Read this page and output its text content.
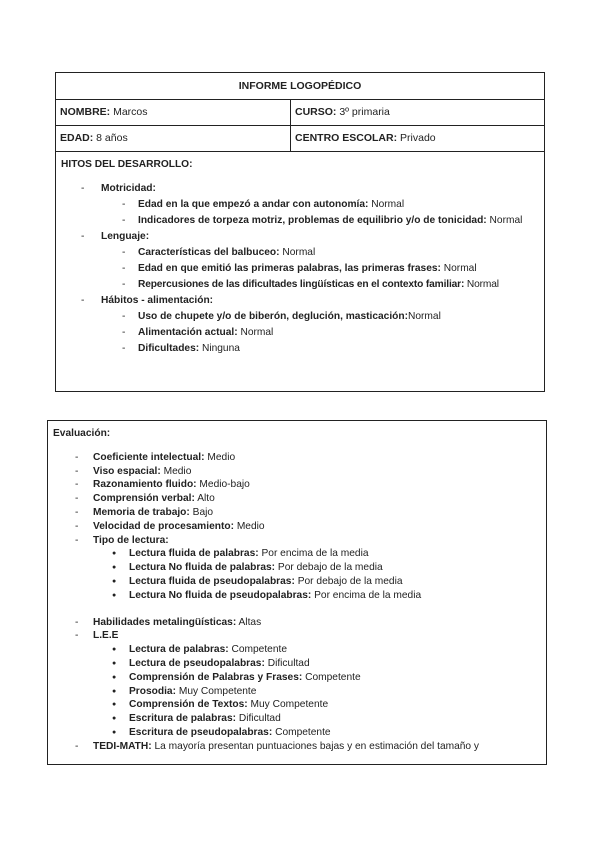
INFORME LOGOPÉDICO
NOMBRE: Marcos	CURSO: 3º primaria
EDAD: 8 años	CENTRO ESCOLAR: Privado
HITOS DEL DESARROLLO:
- Motricidad:
- Edad en la que empezó a andar con autonomía: Normal
- Indicadores de torpeza motriz, problemas de equilibrio y/o de tonicidad: Normal
- Lenguaje:
- Características del balbuceo: Normal
- Edad en que emitió las primeras palabras, las primeras frases: Normal
- Repercusiones de las dificultades lingüísticas en el contexto familiar: Normal
- Hábitos - alimentación:
- Uso de chupete y/o de biberón, deglución, masticación:Normal
- Alimentación actual: Normal
- Dificultades: Ninguna
Evaluación:
- Coeficiente intelectual: Medio
- Viso espacial: Medio
- Razonamiento fluido: Medio-bajo
- Comprensión verbal: Alto
- Memoria de trabajo: Bajo
- Velocidad de procesamiento: Medio
- Tipo de lectura:
● Lectura fluida de palabras: Por encima de la media
● Lectura No fluida de palabras: Por debajo de la media
● Lectura fluida de pseudopalabras: Por debajo de la media
● Lectura No fluida de pseudopalabras: Por encima de la media
- Habilidades metalingüísticas: Altas
- L.E.E
● Lectura de palabras: Competente
● Lectura de pseudopalabras: Dificultad
● Comprensión de Palabras y Frases: Competente
● Prosodia: Muy Competente
● Comprensión de Textos: Muy Competente
● Escritura de palabras: Dificultad
● Escritura de pseudopalabras: Competente
- TEDI-MATH: La mayoría presentan puntuaciones bajas y en estimación del tamaño y
